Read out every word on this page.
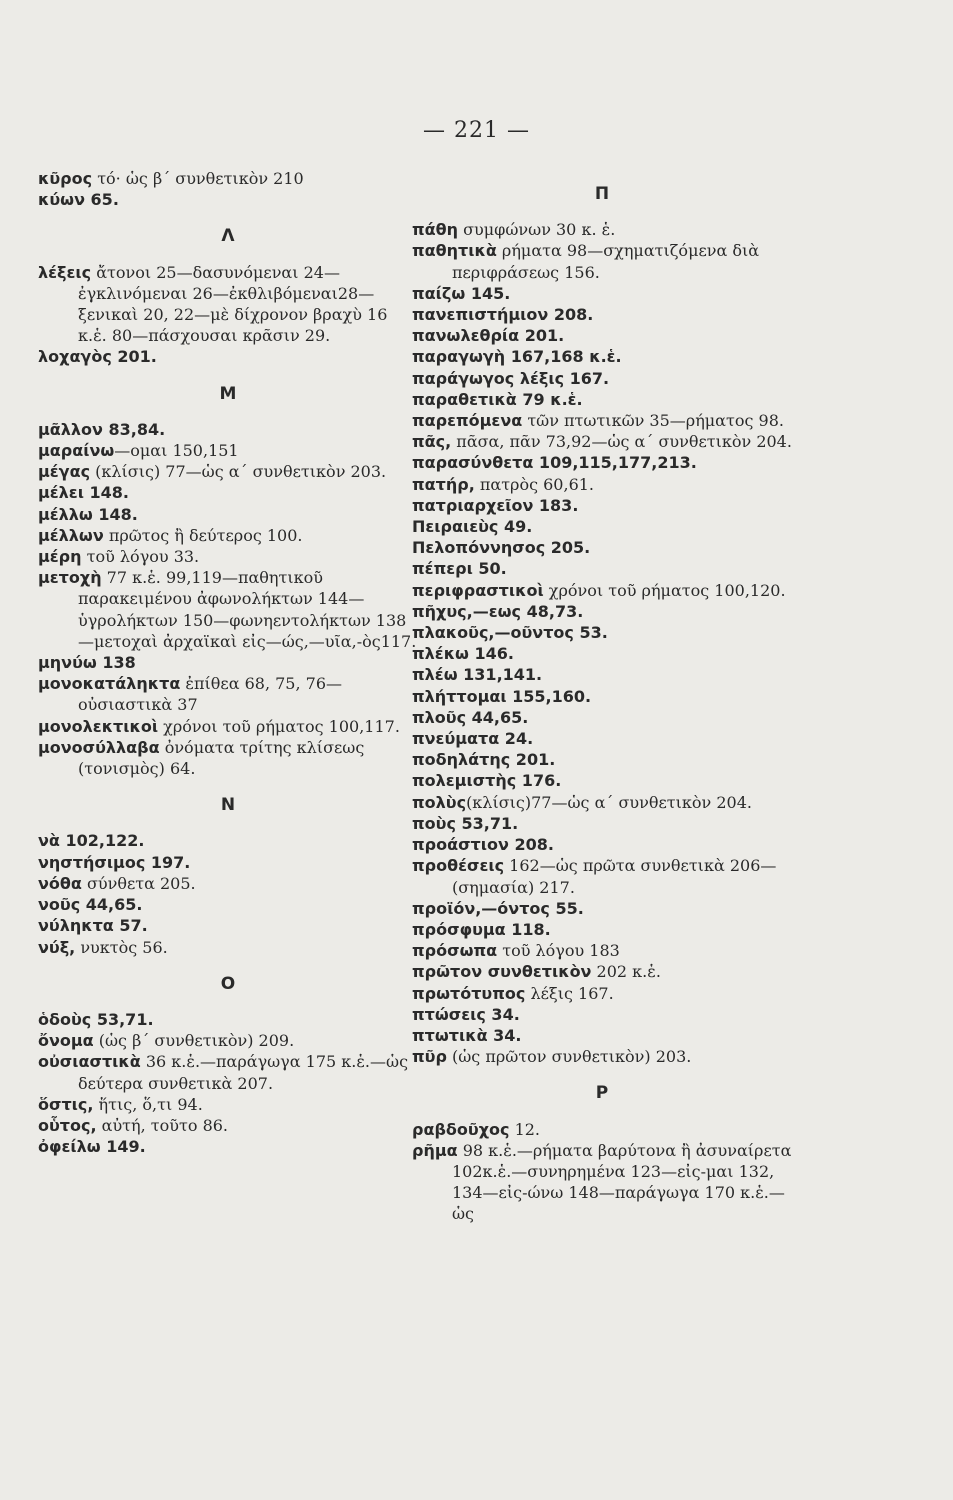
— 221 —

κῦρος τό· ὡς β΄ συνθετικὸν 210

κύων 65.

Λ

λέξεις ἄτονοι 25—δασυνόμεναι 24—ἐγκλινόμεναι 26—ἐκθλιβόμεναι28—ξενικαὶ 20, 22—μὲ δίχρονον βραχὺ 16 κ.ἑ. 80—πάσχουσαι κρᾶσιν 29.

λοχαγὸς 201.

Μ

μᾶλλον 83,84.

μαραίνω—ομαι 150,151

μέγας (κλίσις) 77—ὡς α΄ συνθετικὸν 203.

μέλει 148.

μέλλω 148.

μέλλων πρῶτος ἢ δεύτερος 100.

μέρη τοῦ λόγου 33.

μετοχὴ 77 κ.ἑ. 99,119—παθητικοῦ παρακειμένου ἀφωνολήκτων 144—ὑγρολήκτων 150—φωνηεντολήκτων 138—μετοχαὶ ἀρχαϊκαὶ εἰς—ώς,—υῖα,-ὸς117.

μηνύω 138

μονοκατάληκτα ἐπίθεα 68, 75, 76—οὐσιαστικὰ 37

μονολεκτικοὶ χρόνοι τοῦ ρήματος 100,117.

μονοσύλλαβα ὀνόματα τρίτης κλίσεως (τονισμὸς) 64.

Ν

νὰ 102,122.

νηστήσιμος 197.

νόθα σύνθετα 205.

νοῦς 44,65.

νύληκτα 57.

νύξ, νυκτὸς 56.

Ο

ὁδοὺς 53,71.

ὄνομα (ὡς β΄ συνθετικὸν) 209.

οὐσιαστικὰ 36 κ.ἑ.—παράγωγα 175 κ.ἑ.—ὡς δεύτερα συνθετικὰ 207.

ὅστις, ἥτις, ὅ,τι 94.

οὗτος, αὐτή, τοῦτο 86.

ὀφείλω 149.

Π

πάθη συμφώνων 30 κ. ἑ.

παθητικὰ ρήματα 98—σχηματιζόμενα διὰ περιφράσεως 156.

παίζω 145.

πανεπιστήμιον 208.

πανωλεθρία 201.

παραγωγὴ 167,168 κ.ἑ.

παράγωγος λέξις 167.

παραθετικὰ 79 κ.ἑ.

παρεπόμενα τῶν πτωτικῶν 35—ρήματος 98.

πᾶς, πᾶσα, πᾶν 73,92—ὡς α΄ συνθετικὸν 204.

παρασύνθετα 109,115,177,213.

πατήρ, πατρὸς 60,61.

πατριαρχεῖον 183.

Πειραιεὺς 49.

Πελοπόννησος 205.

πέπερι 50.

περιφραστικοὶ χρόνοι τοῦ ρήματος 100,120.

πῆχυς,—εως 48,73.

πλακοῦς,—οῦντος 53.

πλέκω 146.

πλέω 131,141.

πλήττομαι 155,160.

πλοῦς 44,65.

πνεύματα 24.

ποδηλάτης 201.

πολεμιστὴς 176.

πολὺς(κλίσις)77—ὡς α΄ συνθετικὸν 204.

ποὺς 53,71.

προάστιον 208.

προθέσεις 162—ὡς πρῶτα συνθετικὰ 206—(σημασία) 217.

προϊόν,—όντος 55.

πρόσφυμα 118.

πρόσωπα τοῦ λόγου 183

πρῶτον συνθετικὸν 202 κ.ἑ.

πρωτότυπος λέξις 167.

πτώσεις 34.

πτωτικὰ 34.

πῦρ (ὡς πρῶτον συνθετικὸν) 203.

Ρ

ραβδοῦχος 12.

ρῆμα 98 κ.ἑ.—ρήματα βαρύτονα ἢ ἀσυναίρετα 102κ.ἑ.—συνηρημένα 123—εἰς-μαι 132, 134—εἰς-ώνω 148—παράγωγα 170 κ.ἑ.—ὡς
